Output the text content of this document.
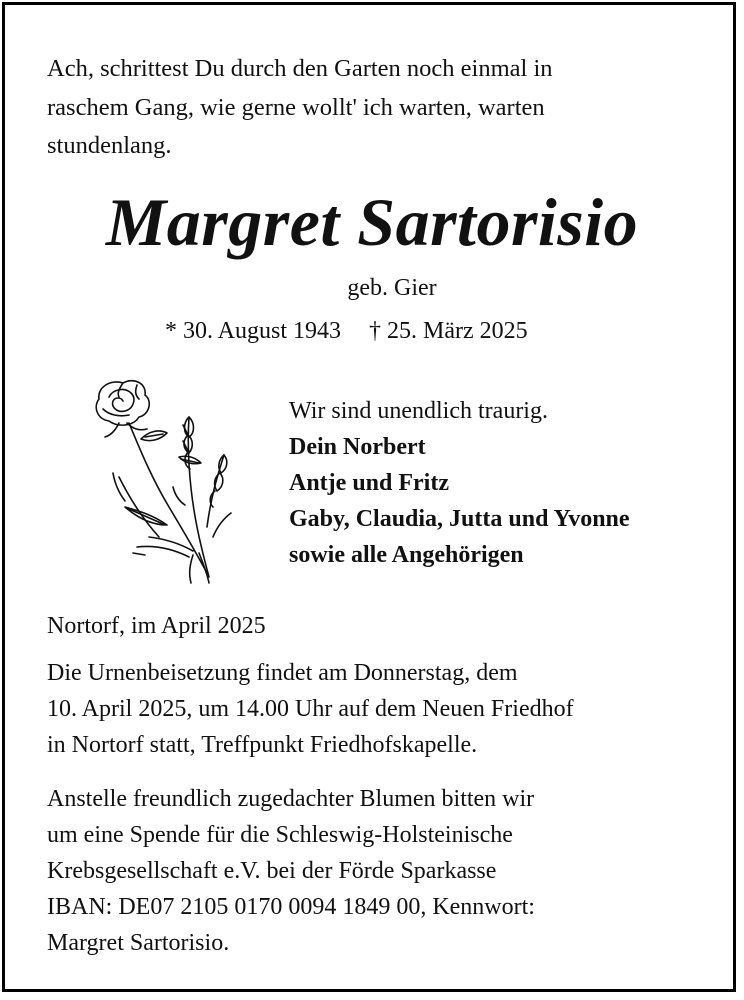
Ach, schrittest Du durch den Garten noch einmal in
raschem Gang, wie gerne wollt' ich warten, warten
stundenlang.

Margret Sartorisio

geb. Gier

* 30. August 1943 † 25. März 2025

Wir sind unendlich traurig.
Dein Norbert
Antje und Fritz
Gaby, Claudia, Jutta und Yvonne
sowie alle Angehörigen

Nortorf, im April 2025

Die Urnenbeisetzung findet am Donnerstag, dem
10. April 2025, um 14.00 Uhr auf dem Neuen Friedhof
in Nortorf statt, Treffpunkt Friedhofskapelle.

Anstelle freundlich zugedachter Blumen bitten wir
um eine Spende für die Schleswig-Holsteinische
Krebsgesellschaft e.V. bei der Förde Sparkasse
IBAN: DE07 2105 0170 0094 1849 00, Kennwort:
Margret Sartorisio.
